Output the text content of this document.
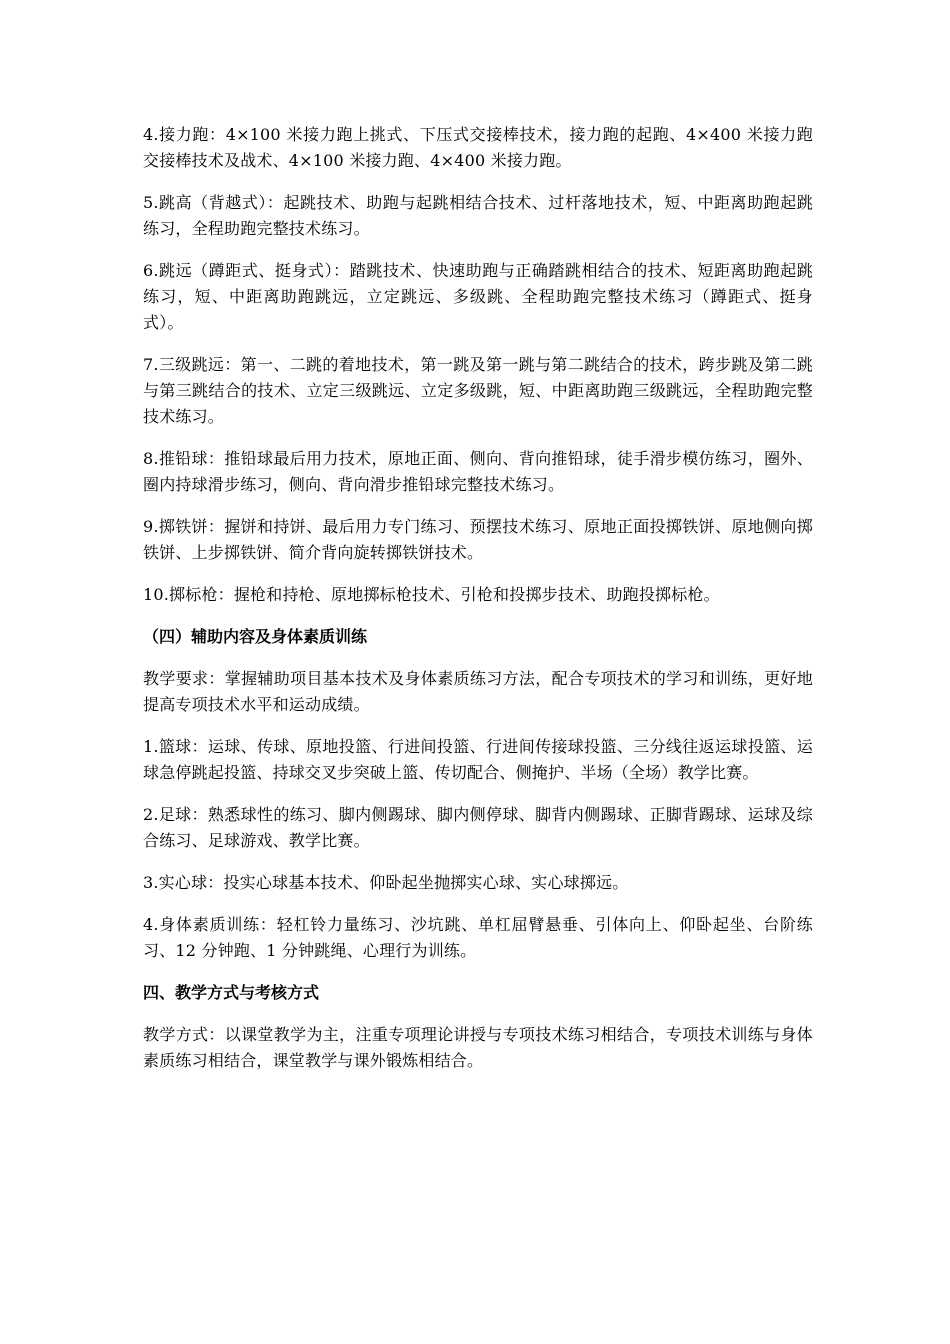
4.接力跑：4×100 米接力跑上挑式、下压式交接棒技术，接力跑的起跑、4×400 米接力跑交接棒技术及战术、4×100 米接力跑、4×400 米接力跑。

5.跳高（背越式）：起跳技术、助跑与起跳相结合技术、过杆落地技术，短、中距离助跑起跳练习，全程助跑完整技术练习。

6.跳远（蹲距式、挺身式）：踏跳技术、快速助跑与正确踏跳相结合的技术、短距离助跑起跳练习，短、中距离助跑跳远，立定跳远、多级跳、全程助跑完整技术练习（蹲距式、挺身式）。

7.三级跳远：第一、二跳的着地技术，第一跳及第一跳与第二跳结合的技术，跨步跳及第二跳与第三跳结合的技术、立定三级跳远、立定多级跳，短、中距离助跑三级跳远，全程助跑完整技术练习。

8.推铅球：推铅球最后用力技术，原地正面、侧向、背向推铅球，徒手滑步模仿练习，圈外、圈内持球滑步练习，侧向、背向滑步推铅球完整技术练习。

9.掷铁饼：握饼和持饼、最后用力专门练习、预摆技术练习、原地正面投掷铁饼、原地侧向掷铁饼、上步掷铁饼、简介背向旋转掷铁饼技术。

10.掷标枪：握枪和持枪、原地掷标枪技术、引枪和投掷步技术、助跑投掷标枪。

（四）辅助内容及身体素质训练

教学要求：掌握辅助项目基本技术及身体素质练习方法，配合专项技术的学习和训练，更好地提高专项技术水平和运动成绩。

1.篮球：运球、传球、原地投篮、行进间投篮、行进间传接球投篮、三分线往返运球投篮、运球急停跳起投篮、持球交叉步突破上篮、传切配合、侧掩护、半场（全场）教学比赛。

2.足球：熟悉球性的练习、脚内侧踢球、脚内侧停球、脚背内侧踢球、正脚背踢球、运球及综合练习、足球游戏、教学比赛。

3.实心球：投实心球基本技术、仰卧起坐抛掷实心球、实心球掷远。

4.身体素质训练：轻杠铃力量练习、沙坑跳、单杠屈臂悬垂、引体向上、仰卧起坐、台阶练习、12 分钟跑、1 分钟跳绳、心理行为训练。

四、教学方式与考核方式

教学方式：以课堂教学为主，注重专项理论讲授与专项技术练习相结合，专项技术训练与身体素质练习相结合，课堂教学与课外锻炼相结合。
